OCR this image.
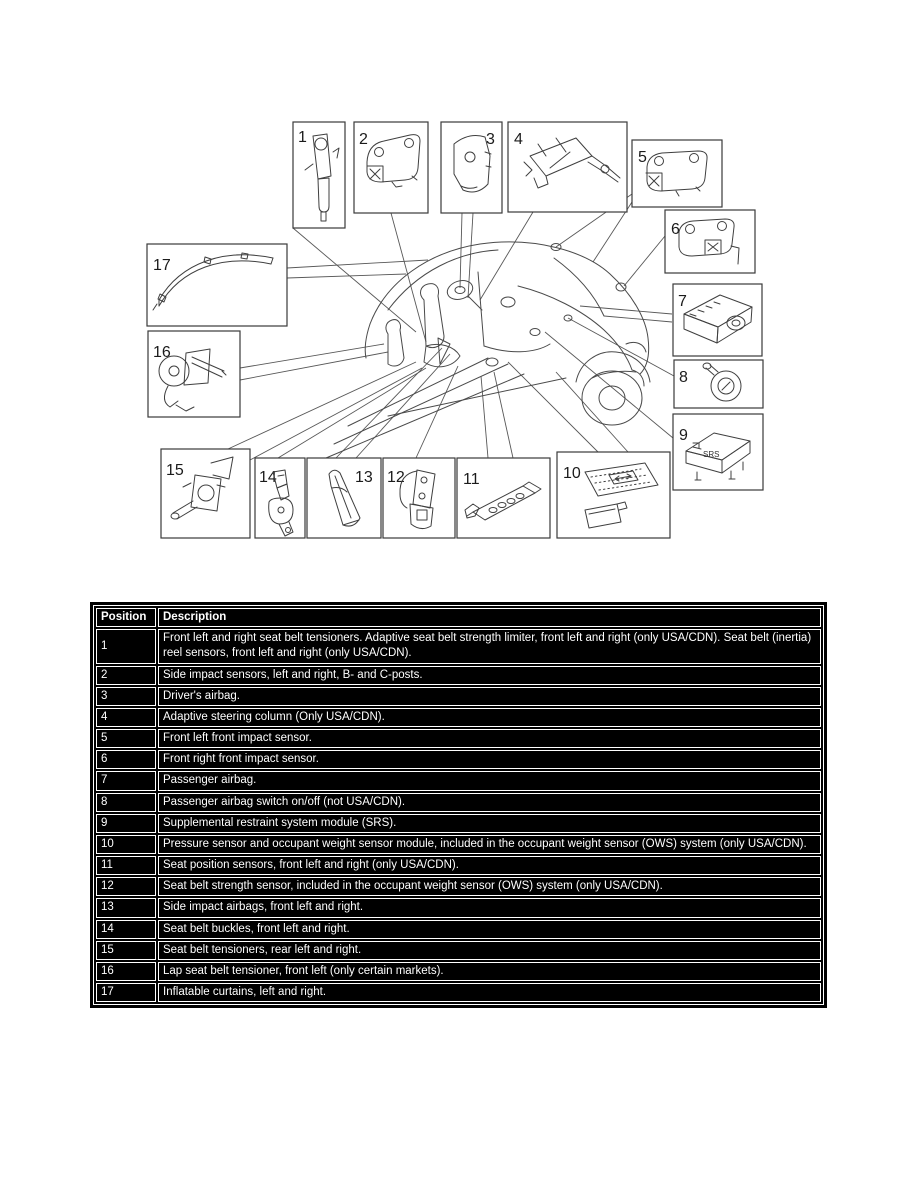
1	2	3 4
5
6
7
8
9
SRS
17
16
15	14	13 12	11	10
Position	Description
1	Front left and right seat belt tensioners. Adaptive seat belt strength limiter, front left and right (only USA/CDN). Seat belt (inertia) reel sensors, front left and right (only USA/CDN).
2	Side impact sensors, left and right, B- and C-posts.
3	Driver's airbag.
4	Adaptive steering column (Only USA/CDN).
5	Front left front impact sensor.
6	Front right front impact sensor.
7	Passenger airbag.
8	Passenger airbag switch on/off (not USA/CDN).
9	Supplemental restraint system module (SRS).
10	Pressure sensor and occupant weight sensor module, included in the occupant weight sensor (OWS) system (only USA/CDN).
11	Seat position sensors, front left and right (only USA/CDN).
12	Seat belt strength sensor, included in the occupant weight sensor (OWS) system (only USA/CDN).
13	Side impact airbags, front left and right.
14	Seat belt buckles, front left and right.
15	Seat belt tensioners, rear left and right.
16	Lap seat belt tensioner, front left (only certain markets).
17	Inflatable curtains, left and right.
